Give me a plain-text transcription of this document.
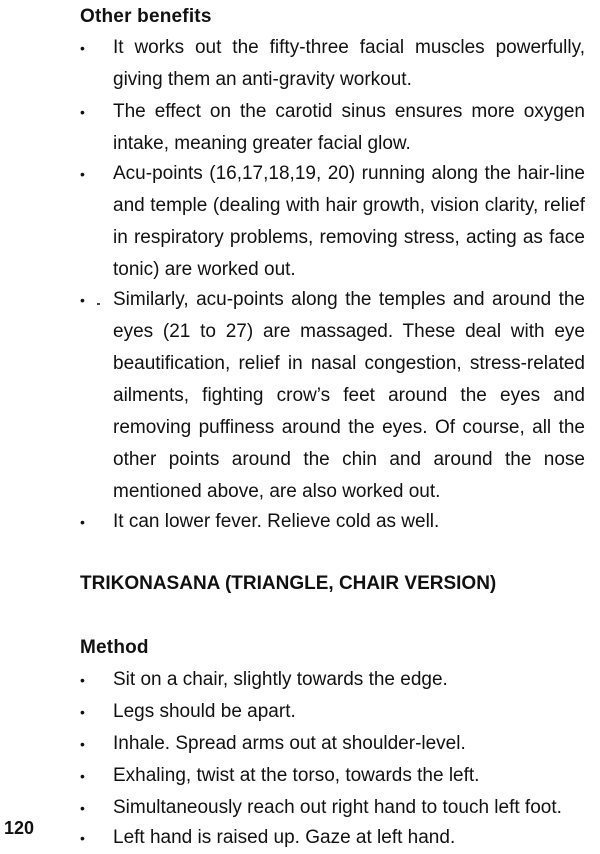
Other benefits
•	It works out the fifty-three facial muscles powerfully, giving them an anti-gravity workout.
•	The effect on the carotid sinus ensures more oxygen intake, meaning greater facial glow.
•	Acu-points (16,17,18,19, 20) running along the hair-line and temple (dealing with hair growth, vision clarity, relief in respiratory problems, removing stress, acting as face tonic) are worked out.
•	Similarly, acu-points along the temples and around the eyes (21 to 27) are massaged. These deal with eye beautification, relief in nasal congestion, stress-related ailments, fighting crow’s feet around the eyes and removing puffiness around the eyes. Of course, all the other points around the chin and around the nose mentioned above, are also worked out.
•	It can lower fever. Relieve cold as well.
TRIKONASANA (TRIANGLE, CHAIR VERSION)
Method
•	Sit on a chair, slightly towards the edge.
•	Legs should be apart.
•	Inhale. Spread arms out at shoulder-level.
•	Exhaling, twist at the torso, towards the left.
•	Simultaneously reach out right hand to touch left foot.
•	Left hand is raised up. Gaze at left hand.
120
